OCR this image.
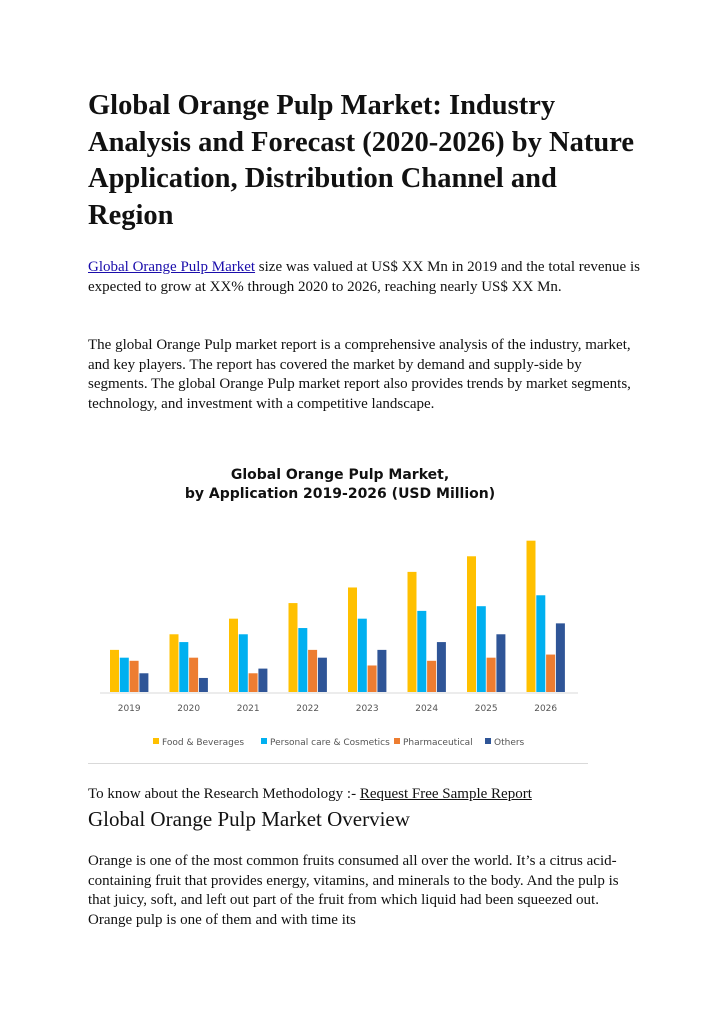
Global Orange Pulp Market: Industry Analysis and Forecast (2020-2026) by Nature Application, Distribution Channel and Region

Global Orange Pulp Market size was valued at US$ XX Mn in 2019 and the total revenue is expected to grow at XX% through 2020 to 2026, reaching nearly US$ XX Mn.

The global Orange Pulp market report is a comprehensive analysis of the industry, market, and key players. The report has covered the market by demand and supply-side by segments. The global Orange Pulp market report also provides trends by market segments, technology, and investment with a competitive landscape.

Global Orange Pulp Market,
by Application 2019-2026 (USD Million)
2019	2020	2021	2022	2023	2024	2025	2026
Food & Beverages	Personal care & Cosmetics Pharmaceutical Others

To know about the Research Methodology :- Request Free Sample Report

Global Orange Pulp Market Overview

Orange is one of the most common fruits consumed all over the world. It’s a citrus acid-containing fruit that provides energy, vitamins, and minerals to the body. And the pulp is that juicy, soft, and left out part of the fruit from which liquid had been squeezed out. Orange pulp is one of them and with time its
